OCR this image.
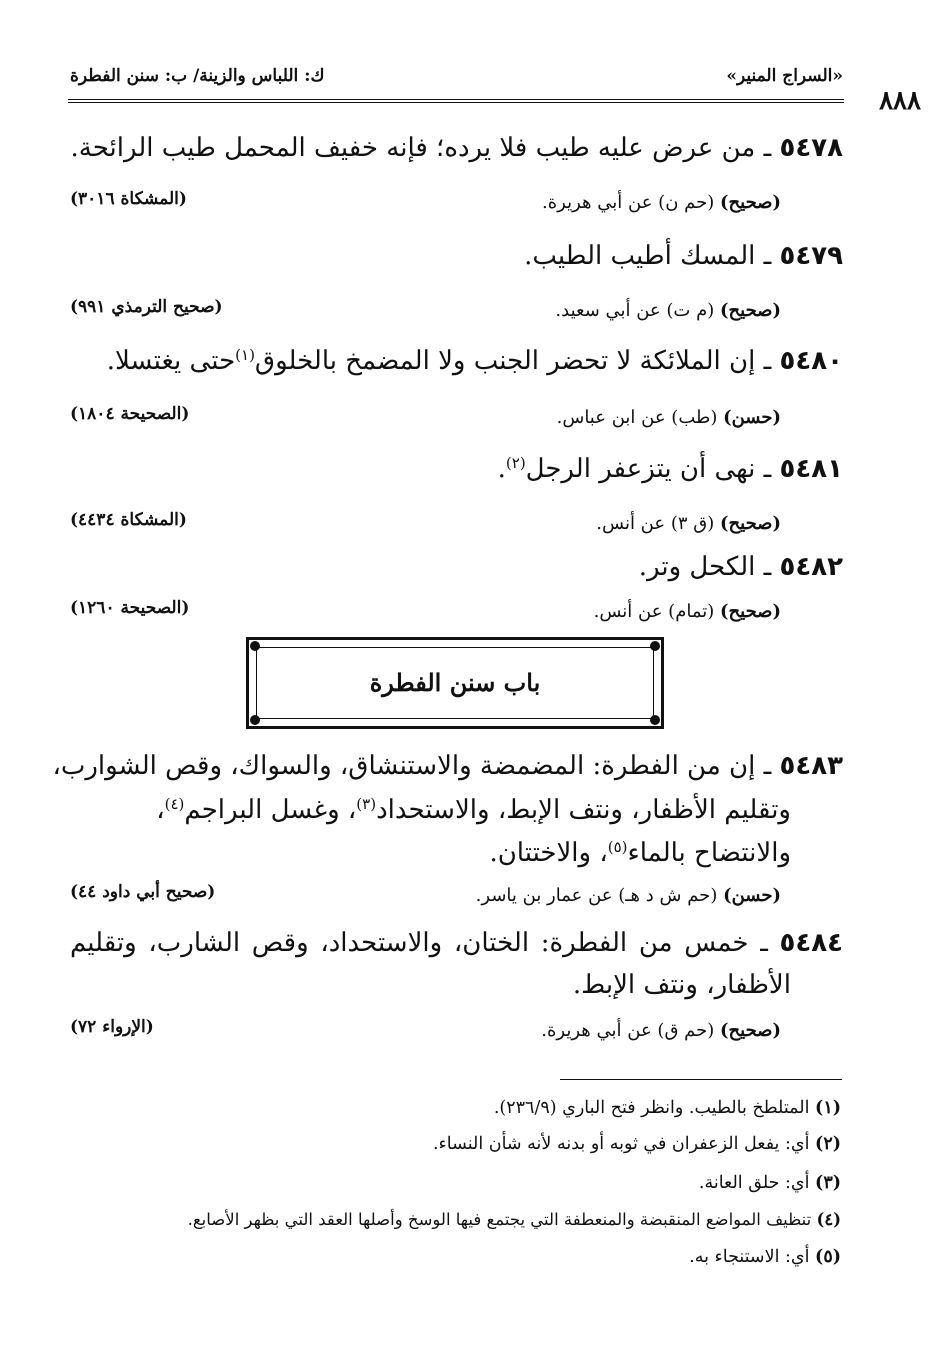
«السراج المنير»
ك: اللباس والزينة/ ب: سنن الفطرة
٨٨٨
٥٤٧٨ ـ من عرض عليه طيب فلا يرده؛ فإنه خفيف المحمل طيب الرائحة.
(صحيح) (حم ن) عن أبي هريرة.
(المشكاة ٣٠١٦)
٥٤٧٩ ـ المسك أطيب الطيب.
(صحيح) (م ت) عن أبي سعيد.
(صحيح الترمذي ٩٩١)
٥٤٨٠ ـ إن الملائكة لا تحضر الجنب ولا المضمخ بالخلوق$^{(١)}$حتى يغتسلا.
(حسن) (طب) عن ابن عباس.
(الصحيحة ١٨٠٤)
٥٤٨١ ـ نهى أن يتزعفر الرجل$^{(٢)}$.
(صحيح) (ق ٣) عن أنس.
(المشكاة ٤٤٣٤)
٥٤٨٢ ـ الكحل وتر.
(صحيح) (تمام) عن أنس.
(الصحيحة ١٢٦٠)
باب سنن الفطرة
٥٤٨٣ ـ إن من الفطرة: المضمضة والاستنشاق، والسواك، وقص الشوارب،
وتقليم الأظفار، ونتف الإبط، والاستحداد$^{(٣)}$، وغسل البراجم$^{(٤)}$،
والانتضاح بالماء$^{(٥)}$، والاختتان.
(حسن) (حم ش د هـ) عن عمار بن ياسر.
(صحيح أبي داود ٤٤)
٥٤٨٤ ـ خمس من الفطرة: الختان، والاستحداد، وقص الشارب، وتقليم
الأظفار، ونتف الإبط.
(صحيح) (حم ق) عن أبي هريرة.
(الإرواء ٧٢)
(١) المتلطخ بالطيب. وانظر فتح الباري (٢٣٦/٩).
(٢) أي: يفعل الزعفران في ثوبه أو بدنه لأنه شأن النساء.
(٣) أي: حلق العانة.
(٤) تنظيف المواضع المنقبضة والمنعطفة التي يجتمع فيها الوسخ وأصلها العقد التي بظهر الأصابع.
(٥) أي: الاستنجاء به.
